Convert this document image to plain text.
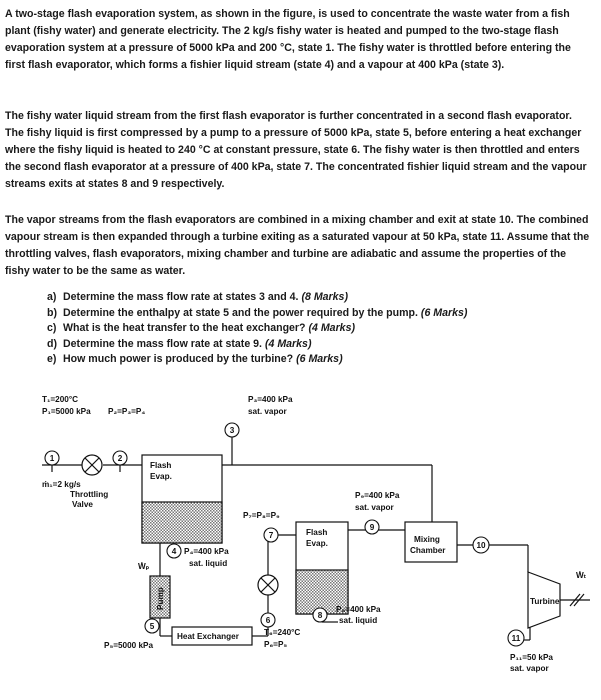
A two-stage flash evaporation system, as shown in the figure, is used to concentrate the waste water from a fish plant (fishy water) and generate electricity. The 2 kg/s fishy water is heated and pumped to the two-stage flash evaporation system at a pressure of 5000 kPa and 200 °C, state 1. The fishy water is throttled before entering the first flash evaporator, which forms a fishier liquid stream (state 4) and a vapour at 400 kPa (state 3).
The fishy water liquid stream from the first flash evaporator is further concentrated in a second flash evaporator. The fishy liquid is first compressed by a pump to a pressure of 5000 kPa, state 5, before entering a heat exchanger where the fishy liquid is heated to 240 °C at constant pressure, state 6. The fishy water is then throttled and enters the second flash evaporator at a pressure of 400 kPa, state 7. The concentrated fishier liquid stream and the vapour streams exits at states 8 and 9 respectively.
The vapor streams from the flash evaporators are combined in a mixing chamber and exit at state 10. The combined vapour stream is then expanded through a turbine exiting as a saturated vapour at 50 kPa, state 11. Assume that the throttling valves, flash evaporators, mixing chamber and turbine are adiabatic and assume the properties of the fishy water to be the same as water.
a) Determine the mass flow rate at states 3 and 4. (8 Marks)
b) Determine the enthalpy at state 5 and the power required by the pump. (6 Marks)
c) What is the heat transfer to the heat exchanger? (4 Marks)
d) Determine the mass flow rate at state 9. (4 Marks)
e) How much power is produced by the turbine? (6 Marks)
T₁=200°C
P₁=5000 kPa P₂=P₃=P₄
P₃=400 kPa
sat. vapor
1	2
ṁ₁=2 kg/s
Throttling
Valve
Flash
Evap.
3
4 P₄=400 kPa
sat. liquid
Ẇₚ
Pump
5
P₅=5000 kPa
Heat Exchanger
6
T₆=240°C
P₆=P₅
7
P₇=P₈=P₉
Flash
Evap.
9
P₉=400 kPa
sat. vapor
8
P₈=400 kPa
sat. liquid
Mixing
Chamber
10
Turbine
Ẇₜ
11
P₁₁=50 kPa
sat. vapor
